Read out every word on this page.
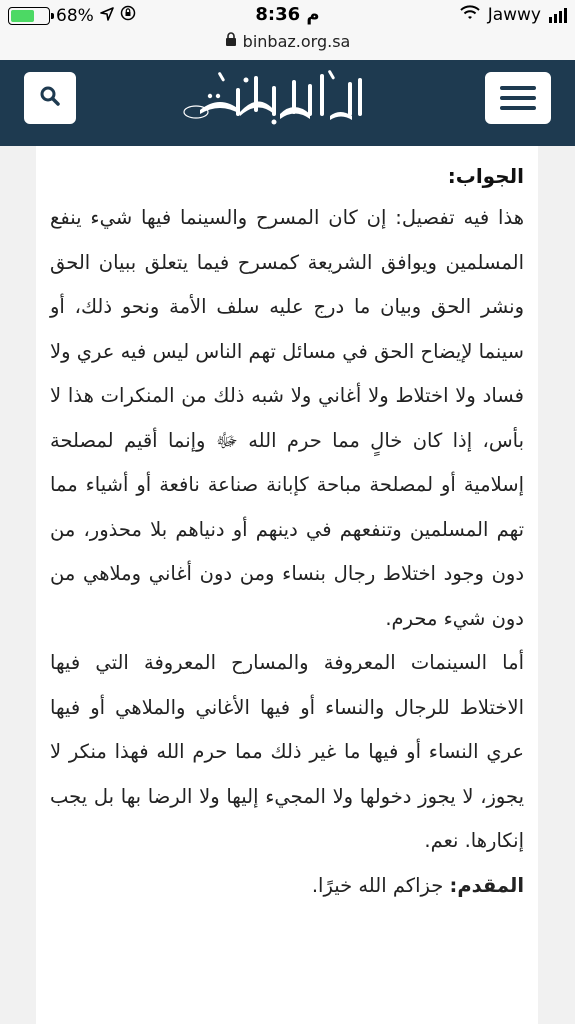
68%	8:36 م	Jawwy
binbaz.org.sa

الجواب:

هذا فيه تفصيل: إن كان المسرح والسينما فيها شيء ينفع المسلمين ويوافق الشريعة كمسرح فيما يتعلق ببيان الحق ونشر الحق وبيان ما درج عليه سلف الأمة ونحو ذلك، أو سينما لإيضاح الحق في مسائل تهم الناس ليس فيه عري ولا فساد ولا اختلاط ولا أغاني ولا شبه ذلك من المنكرات هذا لا بأس، إذا كان خالٍ مما حرم الله ﷻ وإنما أقيم لمصلحة إسلامية أو لمصلحة مباحة كإبانة صناعة نافعة أو أشياء مما تهم المسلمين وتنفعهم في دينهم أو دنياهم بلا محذور، من دون وجود اختلاط رجال بنساء ومن دون أغاني وملاهي من دون شيء محرم.

أما السينمات المعروفة والمسارح المعروفة التي فيها الاختلاط للرجال والنساء أو فيها الأغاني والملاهي أو فيها عري النساء أو فيها ما غير ذلك مما حرم الله فهذا منكر لا يجوز، لا يجوز دخولها ولا المجيء إليها ولا الرضا بها بل يجب إنكارها. نعم.

المقدم: جزاكم الله خيرًا.
